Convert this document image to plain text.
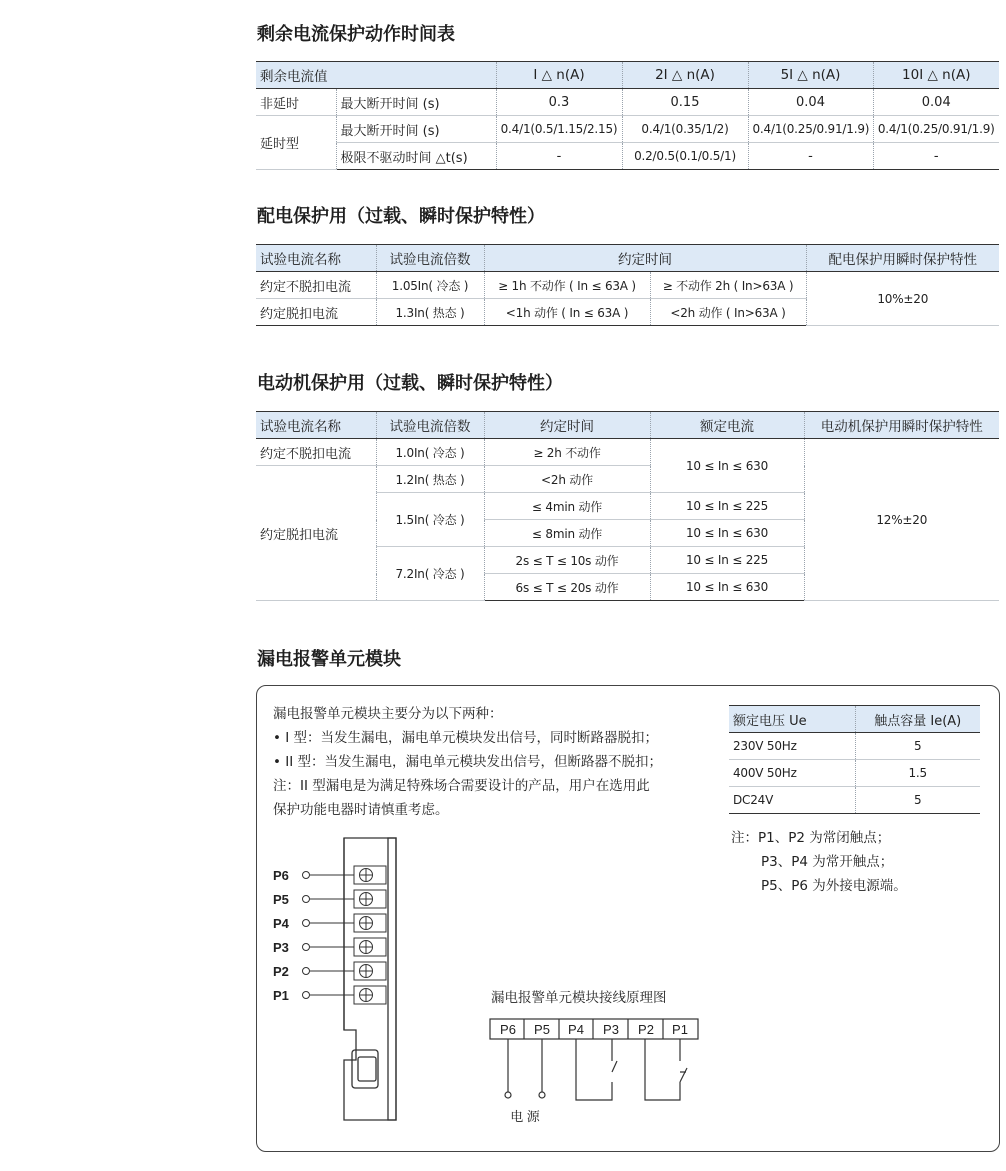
剩余电流保护动作时间表
剩余电流值		I △ n(A)	2I △ n(A)	5I △ n(A)	10I △ n(A)
非延时	最大断开时间 (s)	0.3	0.15	0.04	0.04
延时型	最大断开时间 (s)	0.4/1(0.5/1.15/2.15)	0.4/1(0.35/1/2)	0.4/1(0.25/0.91/1.9)	0.4/1(0.25/0.91/1.9)
	极限不驱动时间 △t(s)	-	0.2/0.5(0.1/0.5/1)	-	-
配电保护用（过载、瞬时保护特性）
试验电流名称	试验电流倍数	约定时间		配电保护用瞬时保护特性
约定不脱扣电流	1.05In( 冷态 )	≥ 1h 不动作 ( In ≤ 63A )	≥ 不动作 2h ( In>63A )	10%±20
约定脱扣电流	1.3In( 热态 )	<1h 动作 ( In ≤ 63A )	<2h 动作 ( In>63A )	
电动机保护用（过载、瞬时保护特性）
试验电流名称	试验电流倍数	约定时间	额定电流	电动机保护用瞬时保护特性
约定不脱扣电流	1.0In( 冷态 )	≥ 2h 不动作	10 ≤ In ≤ 630	12%±20
约定脱扣电流	1.2In( 热态 )	<2h 动作		
	1.5In( 冷态 )	≤ 4min 动作	10 ≤ In ≤ 225	
		≤ 8min 动作	10 ≤ In ≤ 630	
	7.2In( 冷态 )	2s ≤ T ≤ 10s 动作	10 ≤ In ≤ 225	
		6s ≤ T ≤ 20s 动作	10 ≤ In ≤ 630	
漏电报警单元模块
漏电报警单元模块主要分为以下两种：
• I 型：当发生漏电，漏电单元模块发出信号，同时断路器脱扣；
• II 型：当发生漏电，漏电单元模块发出信号，但断路器不脱扣；
注：II 型漏电是为满足特殊场合需要设计的产品，用户在选用此
保护功能电器时请慎重考虑。
额定电压 Ue	触点容量 Ie(A)
230V 50Hz	5
400V 50Hz	1.5
DC24V	5
注：P1、P2 为常闭触点；
P3、P4 为常开触点；
P5、P6 为外接电源端。
P6
P5
P4
P3
P2
P1	漏电报警单元模块接线原理图
P6 P5 P4 P3 P2 P1
电 源
